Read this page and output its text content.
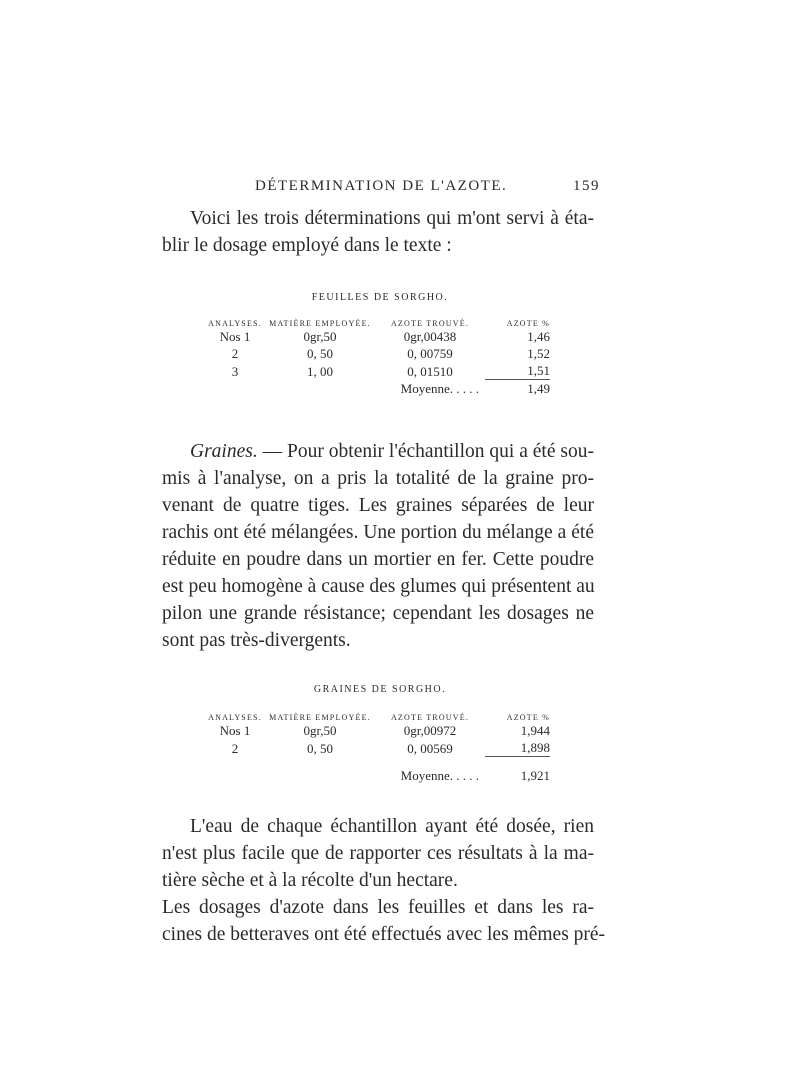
DÉTERMINATION DE L'AZOTE.	159
Voici les trois déterminations qui m'ont servi à éta-
blir le dosage employé dans le texte :
FEUILLES DE SORGHO.
ANALYSES.	MATIÈRE EMPLOYÉE.	AZOTE TROUVÉ.	AZOTE %
Nos 1	0gr,50	0gr,00438	1,46
2	0, 50	0, 00759	1,52
3	1, 00	0, 01510	1,51
		Moyenne. . . . .	1,49
Graines. — Pour obtenir l'échantillon qui a été sou-
mis à l'analyse, on a pris la totalité de la graine pro-
venant de quatre tiges. Les graines séparées de leur
rachis ont été mélangées. Une portion du mélange a été
réduite en poudre dans un mortier en fer. Cette poudre
est peu homogène à cause des glumes qui présentent au
pilon une grande résistance; cependant les dosages ne
sont pas très-divergents.
GRAINES DE SORGHO.
ANALYSES.	MATIÈRE EMPLOYÉE.	AZOTE TROUVÉ.	AZOTE %
Nos 1	0gr,50	0gr,00972	1,944
2	0, 50	0, 00569	1,898
		Moyenne. . . . .	1,921
L'eau de chaque échantillon ayant été dosée, rien
n'est plus facile que de rapporter ces résultats à la ma-
tière sèche et à la récolte d'un hectare.
Les dosages d'azote dans les feuilles et dans les ra-
cines de betteraves ont été effectués avec les mêmes pré-
